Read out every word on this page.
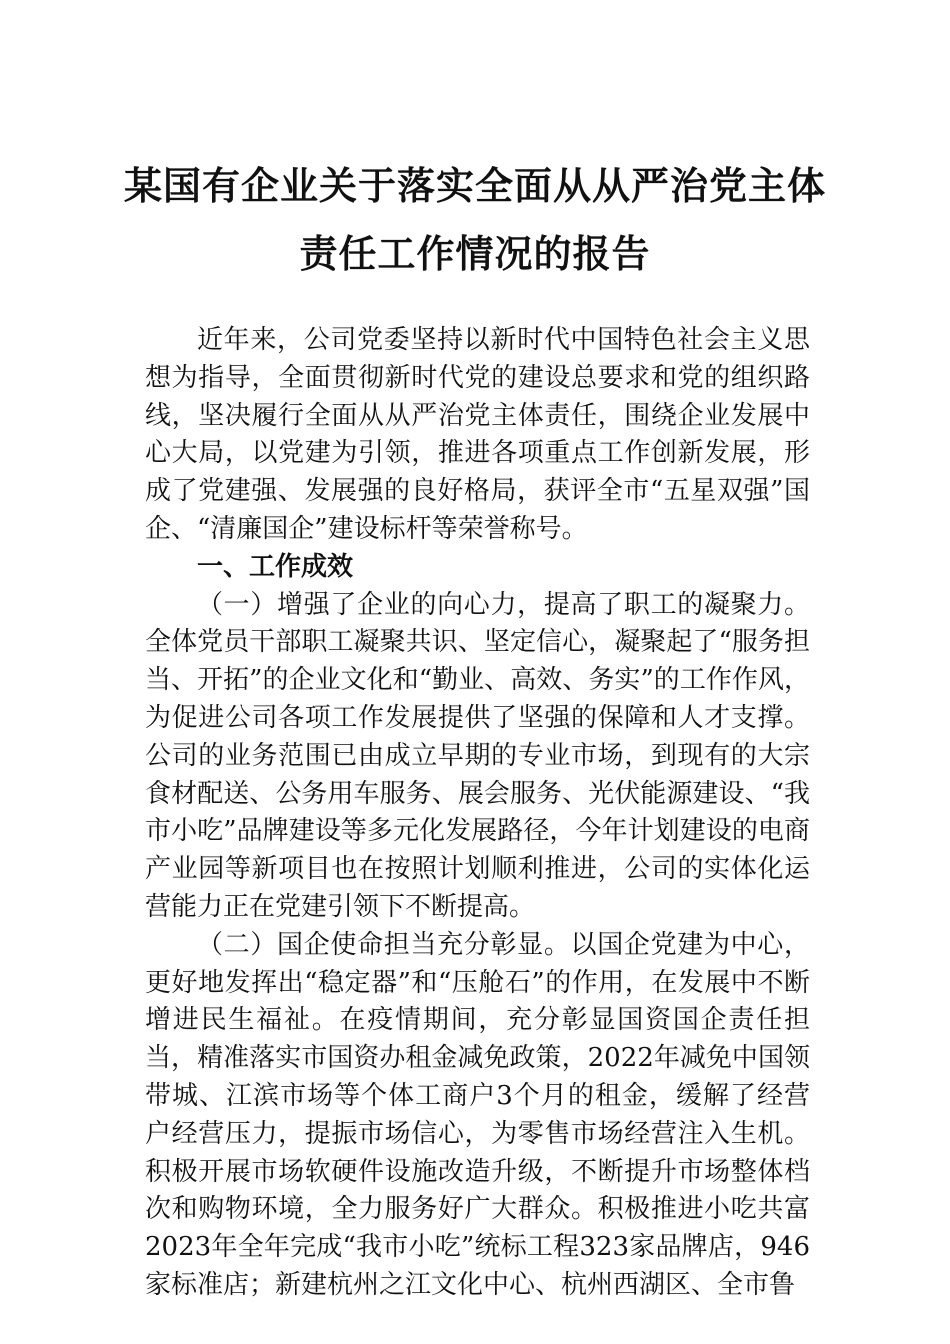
某国有企业关于落实全面从从严治党主体
责任工作情况的报告

近年来，公司党委坚持以新时代中国特色社会主义思想为指导，全面贯彻新时代党的建设总要求和党的组织路线，坚决履行全面从从严治党主体责任，围绕企业发展中心大局，以党建为引领，推进各项重点工作创新发展，形成了党建强、发展强的良好格局，获评全市“五星双强”国企、“清廉国企”建设标杆等荣誉称号。

一、工作成效

（一）增强了企业的向心力，提高了职工的凝聚力。全体党员干部职工凝聚共识、坚定信心，凝聚起了“服务担当、开拓”的企业文化和“勤业、高效、务实”的工作作风，为促进公司各项工作发展提供了坚强的保障和人才支撑。公司的业务范围已由成立早期的专业市场，到现有的大宗食材配送、公务用车服务、展会服务、光伏能源建设、“我市小吃”品牌建设等多元化发展路径，今年计划建设的电商产业园等新项目也在按照计划顺利推进，公司的实体化运营能力正在党建引领下不断提高。

（二）国企使命担当充分彰显。以国企党建为中心，更好地发挥出“稳定器”和“压舱石”的作用，在发展中不断增进民生福祉。在疫情期间，充分彰显国资国企责任担当，精准落实市国资办租金减免政策，2022年减免中国领带城、江滨市场等个体工商户3个月的租金，缓解了经营户经营压力，提振市场信心，为零售市场经营注入生机。积极开展市场软硬件设施改造升级，不断提升市场整体档次和购物环境，全力服务好广大群众。积极推进小吃共富2023年全年完成“我市小吃”统标工程323家品牌店，946家标准店；新建杭州之江文化中心、杭州西湖区、全市鲁
